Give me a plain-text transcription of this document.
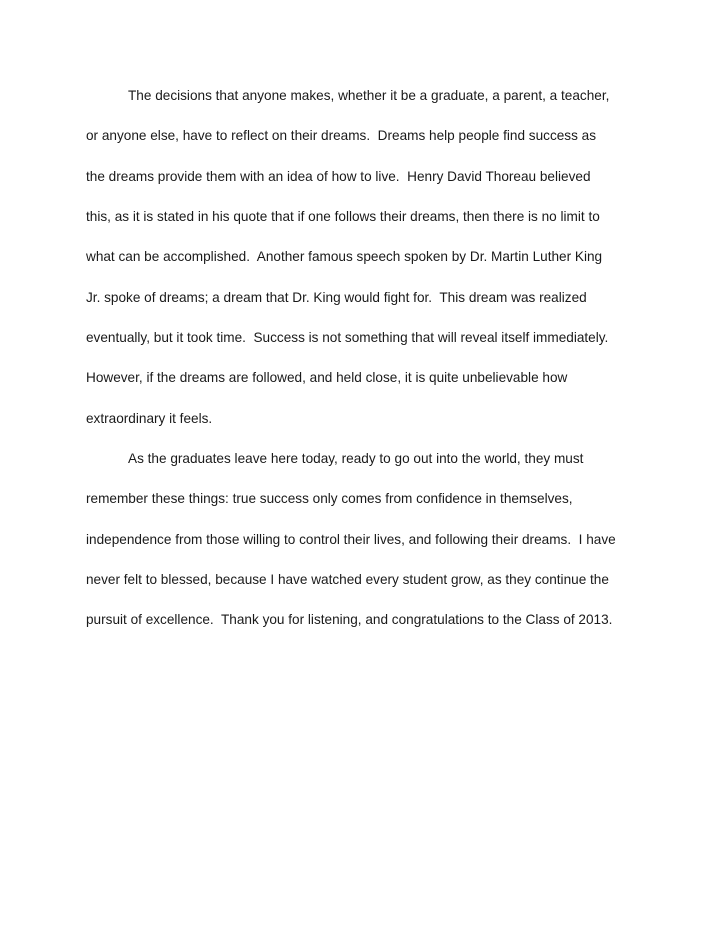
The decisions that anyone makes, whether it be a graduate, a parent, a teacher,
or anyone else, have to reflect on their dreams.  Dreams help people find success as
the dreams provide them with an idea of how to live.  Henry David Thoreau believed
this, as it is stated in his quote that if one follows their dreams, then there is no limit to
what can be accomplished.  Another famous speech spoken by Dr. Martin Luther King
Jr. spoke of dreams; a dream that Dr. King would fight for.  This dream was realized
eventually, but it took time.  Success is not something that will reveal itself immediately.
However, if the dreams are followed, and held close, it is quite unbelievable how
extraordinary it feels.
As the graduates leave here today, ready to go out into the world, they must
remember these things: true success only comes from confidence in themselves,
independence from those willing to control their lives, and following their dreams.  I have
never felt to blessed, because I have watched every student grow, as they continue the
pursuit of excellence.  Thank you for listening, and congratulations to the Class of 2013.
